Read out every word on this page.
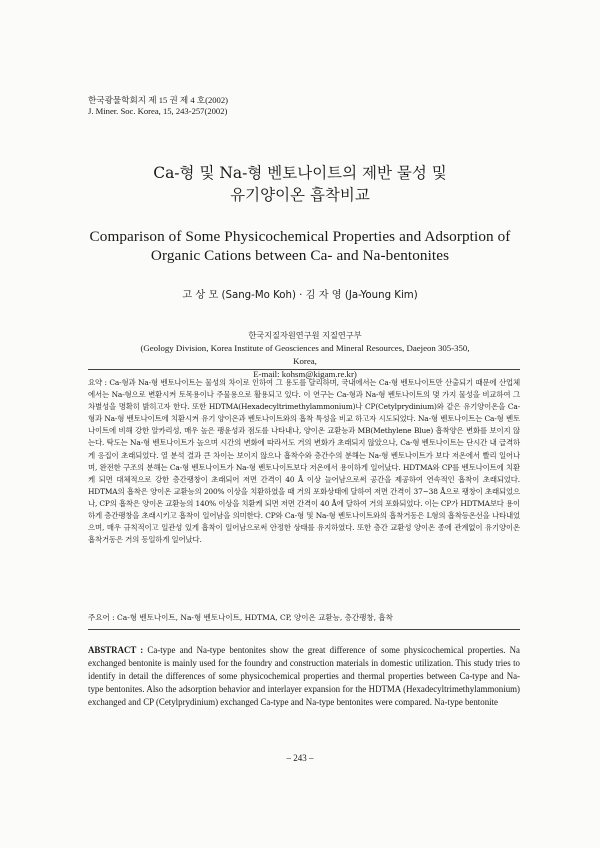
한국광물학회지 제 15 권 제 4 호(2002)
J. Miner. Soc. Korea, 15, 243-257(2002)
Ca-형 및 Na-형 벤토나이트의 제반 물성 및
유기양이온 흡착비교
Comparison of Some Physicochemical Properties and Adsorption of
Organic Cations between Ca- and Na-bentonites
고 상 모 (Sang-Mo Koh) · 김 자 영 (Ja-Young Kim)
한국지질자원연구원 지질연구부
(Geology Division, Korea Institute of Geosciences and Mineral Resources, Daejeon 305-350, Korea,
E-mail: kohsm@kigam.re.kr)
요약 : Ca-형과 Na-형 벤토나이트는 물성의 차이로 인하여 그 용도를 달리하며, 국내에서는 Ca-형 벤토나이트만 산출되기 때문에 산업체에서는 Na-형으로 변환시켜 토목용이나 주물용으로 활용되고 있다. 이 연구는 Ca-형과 Na-형 벤토나이트의 몇 가지 물성을 비교하여 그 차별성을 명확히 밝히고자 한다. 또한 HDTMA(Hexadecyltrimethylammonium)나 CP(Cetylprydinium)와 같은 유기양이온을 Ca-형과 Na-형 벤토나이트에 치환시켜 유기 양이온과 벤토나이트와의 흡착 특성을 비교 하고자 시도되었다. Na-형 벤토나이트는 Ca-형 벤토나이트에 비해 강한 알카리성, 매우 높은 팽윤성과 점도를 나타내나, 양이온 교환능과 MB(Methylene Blue) 흡착양은 변화를 보이지 않는다. 탁도는 Na-형 벤토나이트가 높으며 시간의 변화에 따라서도 거의 변화가 초래되지 않았으나, Ca-형 벤토나이트는 단시간 내 급격하게 응집이 초래되었다. 열 분석 결과 큰 차이는 보이지 않으나 흡착수와 층간수의 분해는 Na-형 벤토나이트가 보다 저온에서 빨리 일어나며, 완전한 구조의 분해는 Ca-형 벤토나이트가 Na-형 벤토나이트보다 저온에서 용이하게 일어났다. HDTMA와 CP를 벤토나이트에 치환케 되면 대체적으로 강한 층간팽창이 초래되어 저면 간격이 40 Å 이상 늘어남으로써 공간을 제공하여 연속적인 흡착이 초래되었다. HDTMA의 흡착은 양이온 교환능의 200% 이상을 치환하였을 때 거의 포화상태에 달하여 저면 간격이 37~38 Å으로 팽창이 초래되었으나, CP의 흡착은 양이온 교환능의 140% 이상을 치환케 되면 저면 간격이 40 Å에 달하여 거의 포화되었다. 이는 CP가 HDTMA보다 용이하게 층간팽창을 초래시키고 흡착이 일어남을 의미한다. CP와 Ca-형 및 Na-형 벤토나이트와의 흡착거동은 L형의 흡착등온선을 나타내었으며, 매우 규칙적이고 일관성 있게 흡착이 일어남으로써 안정한 상태를 유지하였다. 또한 층간 교환성 양이온 종에 관계없이 유기양이온 흡착거동은 거의 동일하게 일어났다.
주요어 : Ca-형 벤토나이트, Na-형 벤토나이트, HDTMA, CP, 양이온 교환능, 층간팽창, 흡착
ABSTRACT : Ca-type and Na-type bentonites show the great difference of some physicochemical properties. Na exchanged bentonite is mainly used for the foundry and construction materials in domestic utilization. This study tries to identify in detail the differences of some physicochemical properties and thermal properties between Ca-type and Na-type bentonites. Also the adsorption behavior and interlayer expansion for the HDTMA (Hexadecyltrimethylammonium) exchanged and CP (Cetylprydinium) exchanged Ca-type and Na-type bentonites were compared. Na-type bentonite
– 243 –
